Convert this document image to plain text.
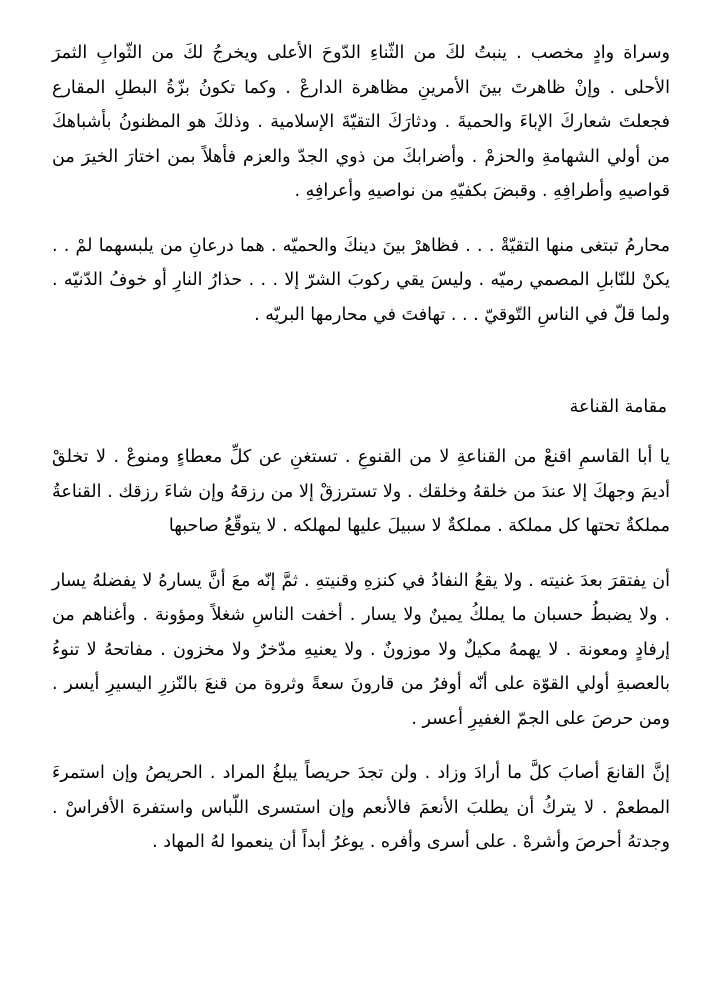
وسراة وادٍ مخصب . ينبتُ لكَ من الثّناءِ الدّوحَ الأعلى ويخرجُ لكَ من الثّوابِ الثمرَ الأحلى . وإنْ ظاهرتَ بينَ الأمرينِ مظاهرة الدارعْ . وكما تكونُ بزّةُ البطلِ المقارع فجعلتَ شعاركَ الإباءَ والحميةَ . ودثارَكَ التقيّةَ الإسلامية . وذلكَ هو المظنونُ بأشباهكَ من أولي الشهامةِ والحزمْ . وأضرابكَ من ذوي الجدّ والعزم فأهلاً بمن اختارَ الخيرَ من قواصيهِ وأطرافِهِ . وقبضَ بكفيّهِ من نواصيهِ وأعرافِهِ .

محارمُ تبتغى منها التقيّةْ . . . فظاهرْ بينَ دينكَ والحميّه . هما درعانِ من يلبسهما لمْ . . يكنْ للنّابلِ المصمي رميّه . وليسَ يقي ركوبَ الشرّ إلا . . . حذارُ النارِ أو خوفُ الدّنيّه . ولما قلّ في الناسِ التّوقيّ . . . تهافتَ في محارمها البريّه .

مقامة القناعة

يا أبا القاسمِ اقنعْ من القناعةِ لا من القنوعِ . تستغنِ عن كلِّ معطاءٍ ومنوعْ . لا تخلقْ أديمَ وجهكَ إلا عندَ من خلقهُ وخلقك . ولا تسترزقْ إلا من رزقهُ وإن شاءَ رزقك . القناعةُ مملكةٌ تحتها كل مملكة . مملكةٌ لا سبيلَ عليها لمهلكه . لا يتوقّعُ صاحبها

أن يفتقرَ بعدَ غنيته . ولا يقعُ النفادُ في كنزهِ وقنيتهِ . ثمَّ إنّه معَ أنَّ يسارهُ لا يفضلهُ يسار . ولا يضبطُ حسبان ما يملكُ يمينٌ ولا يسار . أخفت الناسِ شغلاً ومؤونة . وأغناهم من إرفادٍ ومعونة . لا يهمهُ مكيلٌ ولا موزونٌ . ولا يعنيهِ مدّخرٌ ولا مخزون . مفاتحهُ لا تنوءُ بالعصبةِ أولي القوّة على أنّه أوفرُ من قارونَ سعةً وثروة من قنعَ بالنّزرِ اليسيرِ أيسر . ومن حرصَ على الجمّ الغفيرِ أعسر .

إنَّ القانعَ أصابَ كلَّ ما أرادَ وزاد . ولن تجدَ حريصاً يبلغُ المراد . الحريصُ وإن استمرءَ المطعمْ . لا يتركُ أن يطلبَ الأنعمَ فالأنعم وإن استسرى اللّباس واستفرهَ الأفراسْ . وجدتهُ أحرصَ وأشرهْ . على أسرى وأفره . يوغرُ أبداً أن ينعموا لهُ المهاد .
